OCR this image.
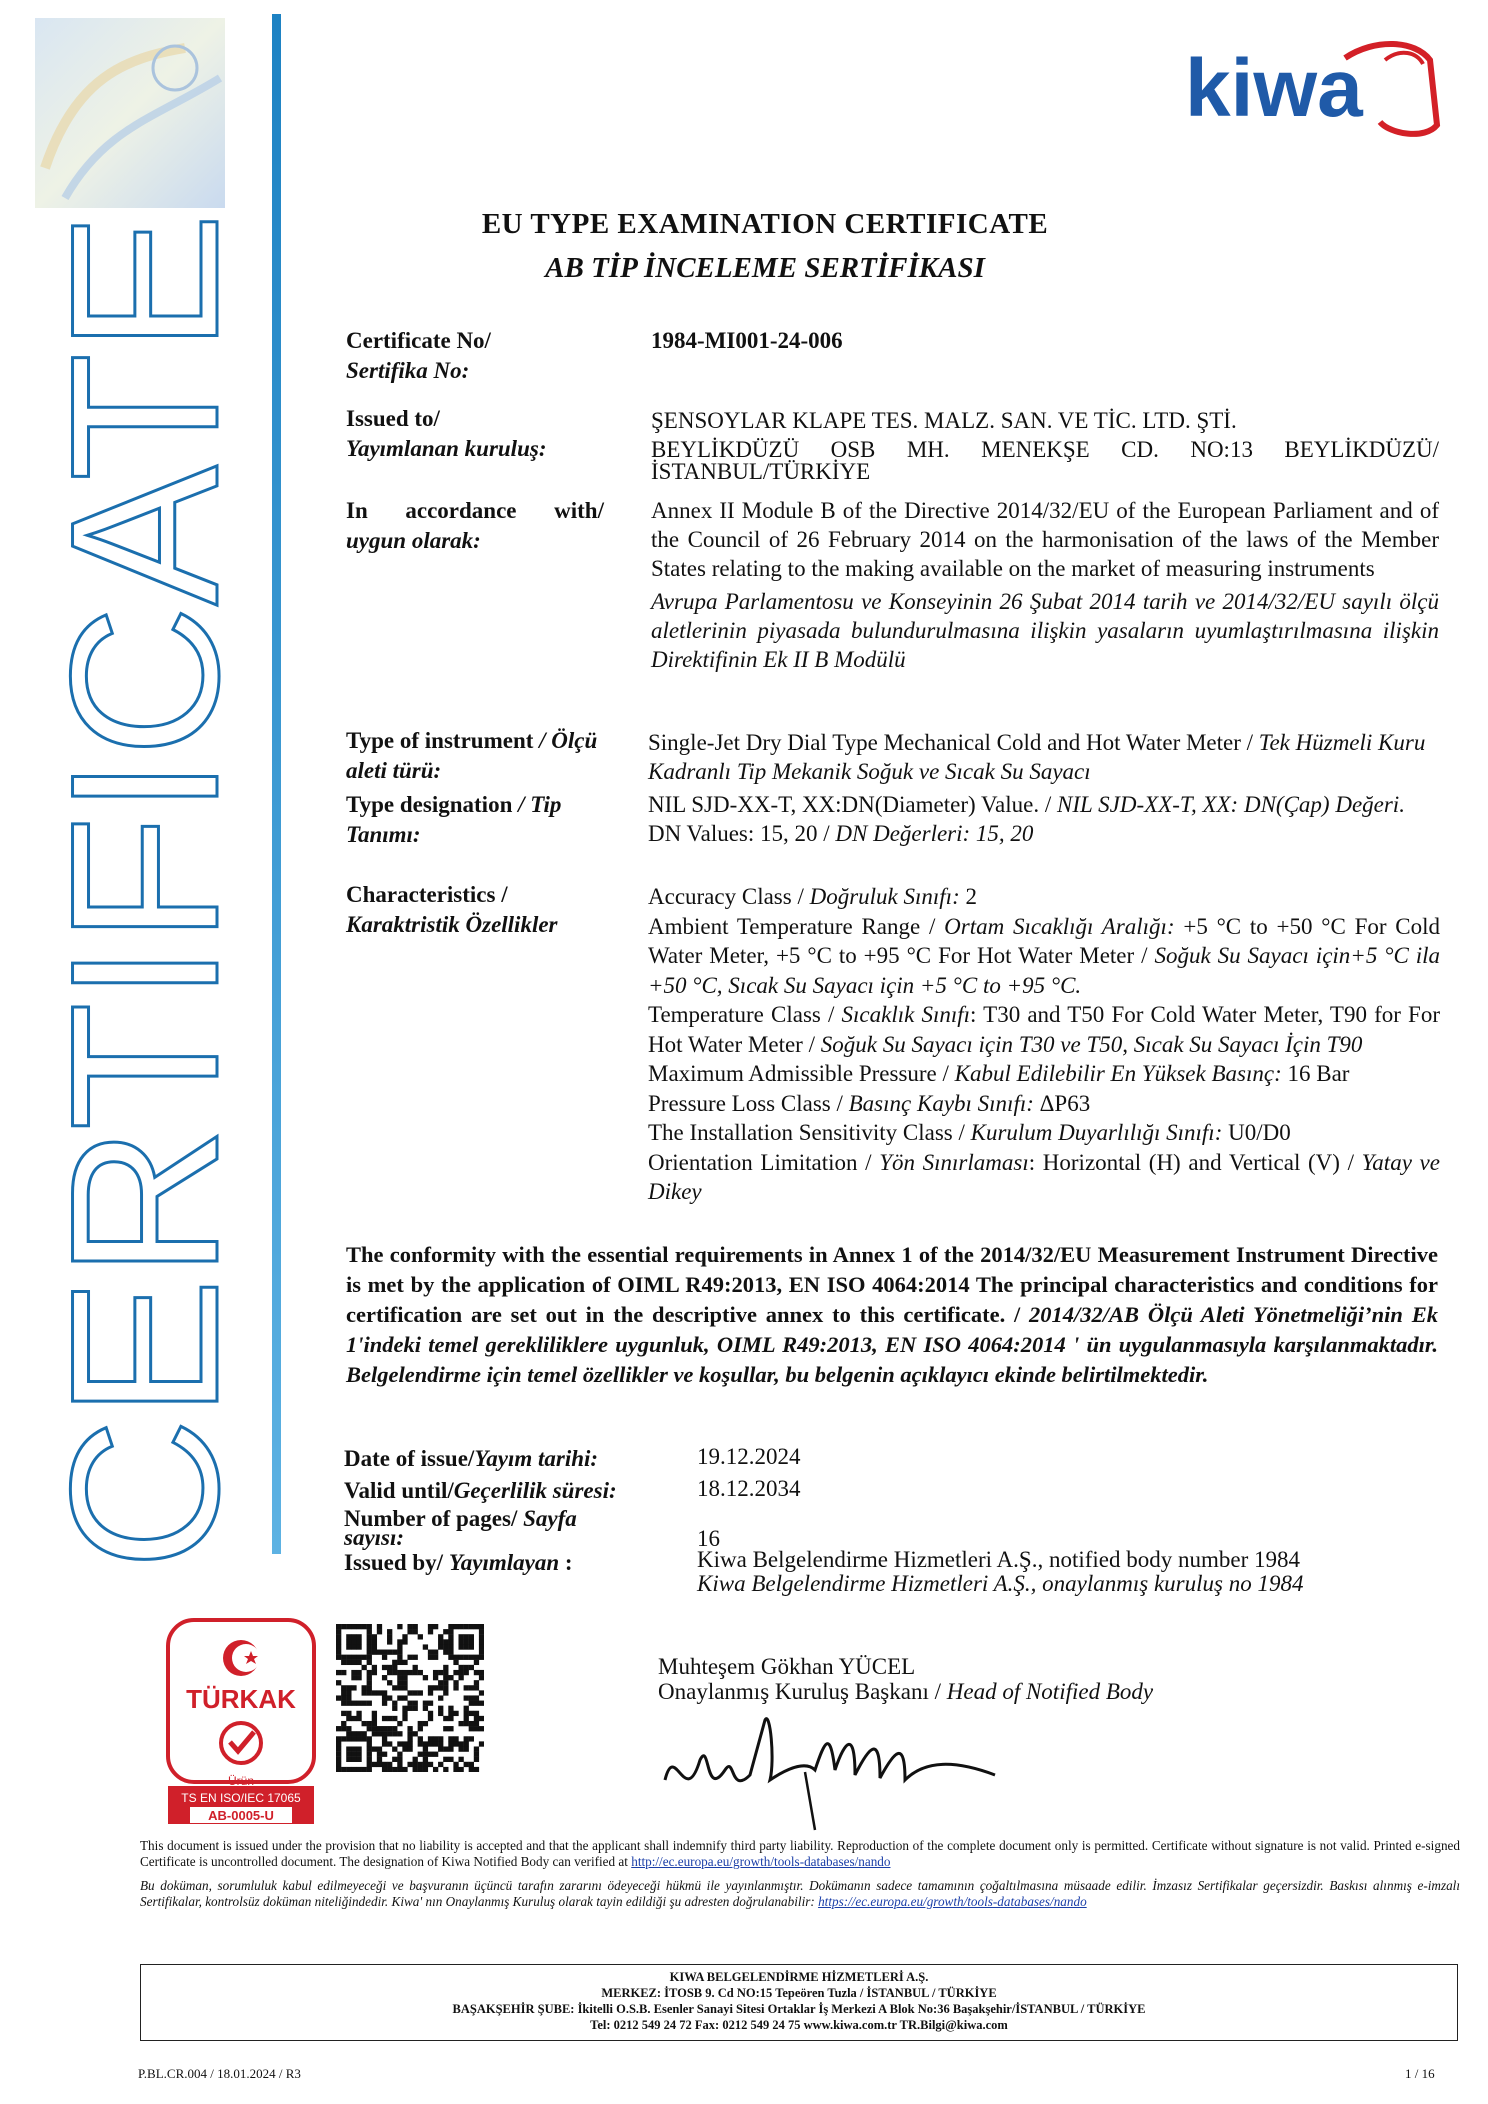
CERTIFICATE
kiwa
EU TYPE EXAMINATION CERTIFICATE
AB TİP İNCELEME SERTİFİKASI
Certificate No/
Sertifika No:
1984-MI001-24-006
Issued to/
Yayımlanan kuruluş:
ŞENSOYLAR KLAPE TES. MALZ. SAN. VE TİC. LTD. ŞTİ.
BEYLİKDÜZÜ OSB MH. MENEKŞE CD. NO:13 BEYLİKDÜZÜ/ İSTANBUL/TÜRKİYE
In accordance with/
uygun olarak:
Annex II Module B of the Directive 2014/32/EU of the European Parliament and of the Council of 26 February 2014 on the harmonisation of the laws of the Member States relating to the making available on the market of measuring instruments
Avrupa Parlamentosu ve Konseyinin 26 Şubat 2014 tarih ve 2014/32/EU sayılı ölçü aletlerinin piyasada bulundurulmasına ilişkin yasaların uyumlaştırılmasına ilişkin Direktifinin Ek II B Modülü
Type of instrument / Ölçü
aleti türü:
Single-Jet Dry Dial Type Mechanical Cold and Hot Water Meter / Tek Hüzmeli Kuru Kadranlı Tip Mekanik Soğuk ve Sıcak Su Sayacı
Type designation / Tip
Tanımı:
NIL SJD-XX-T, XX:DN(Diameter) Value. / NIL SJD-XX-T, XX: DN(Çap) Değeri.
DN Values: 15, 20 / DN Değerleri: 15, 20
Characteristics /
Karaktristik Özellikler
Accuracy Class / Doğruluk Sınıfı: 2
Ambient Temperature Range / Ortam Sıcaklığı Aralığı: +5 °C to +50 °C For Cold Water Meter, +5 °C to +95 °C For Hot Water Meter / Soğuk Su Sayacı için+5 °C ila +50 °C, Sıcak Su Sayacı için +5 °C to +95 °C.
Temperature Class / Sıcaklık Sınıfı: T30 and T50 For Cold Water Meter, T90 for For Hot Water Meter / Soğuk Su Sayacı için T30 ve T50, Sıcak Su Sayacı İçin T90
Maximum Admissible Pressure / Kabul Edilebilir En Yüksek Basınç: 16 Bar
Pressure Loss Class / Basınç Kaybı Sınıfı: ΔP63
The Installation Sensitivity Class / Kurulum Duyarlılığı Sınıfı: U0/D0
Orientation Limitation / Yön Sınırlaması: Horizontal (H) and Vertical (V) / Yatay ve Dikey
The conformity with the essential requirements in Annex 1 of the 2014/32/EU Measurement Instrument Directive is met by the application of OIML R49:2013, EN ISO 4064:2014 The principal characteristics and conditions for certification are set out in the descriptive annex to this certificate. / 2014/32/AB Ölçü Aleti Yönetmeliği’nin Ek 1'indeki temel gerekliliklere uygunluk, OIML R49:2013, EN ISO 4064:2014 ' ün uygulanmasıyla karşılanmaktadır. Belgelendirme için temel özellikler ve koşullar, bu belgenin açıklayıcı ekinde belirtilmektedir.
Date of issue/Yayım tarihi:
Valid until/Geçerlilik süresi:
Number of pages/ Sayfa
sayısı:
Issued by/ Yayımlayan :
19.12.2024
18.12.2034
16
Kiwa Belgelendirme Hizmetleri A.Ş., notified body number 1984
Kiwa Belgelendirme Hizmetleri A.Ş., onaylanmış kuruluş no 1984
TÜRKAK
Ürün
TS EN ISO/IEC 17065
AB-0005-U
Muhteşem Gökhan YÜCEL
Onaylanmış Kuruluş Başkanı / Head of Notified Body
This document is issued under the provision that no liability is accepted and that the applicant shall indemnify third party liability. Reproduction of the complete document only is permitted. Certificate without signature is not valid. Printed e-signed Certificate is uncontrolled document. The designation of Kiwa Notified Body can verified at http://ec.europa.eu/growth/tools-databases/nando
Bu doküman, sorumluluk kabul edilmeyeceği ve başvuranın üçüncü tarafın zararını ödeyeceği hükmü ile yayınlanmıştır. Dokümanın sadece tamamının çoğaltılmasına müsaade edilir. İmzasız Sertifikalar geçersizdir. Baskısı alınmış e-imzalı Sertifikalar, kontrolsüz doküman niteliğindedir. Kiwa' nın Onaylanmış Kuruluş olarak tayin edildiği şu adresten doğrulanabilir: https://ec.europa.eu/growth/tools-databases/nando
KIWA BELGELENDİRME HİZMETLERİ A.Ş.
MERKEZ: İTOSB 9. Cd NO:15 Tepeören Tuzla / İSTANBUL / TÜRKİYE
BAŞAKŞEHİR ŞUBE: İkitelli O.S.B. Esenler Sanayi Sitesi Ortaklar İş Merkezi A Blok No:36 Başakşehir/İSTANBUL / TÜRKİYE
Tel: 0212 549 24 72 Fax: 0212 549 24 75 www.kiwa.com.tr TR.Bilgi@kiwa.com
P.BL.CR.004 / 18.01.2024 / R3	1 / 16
